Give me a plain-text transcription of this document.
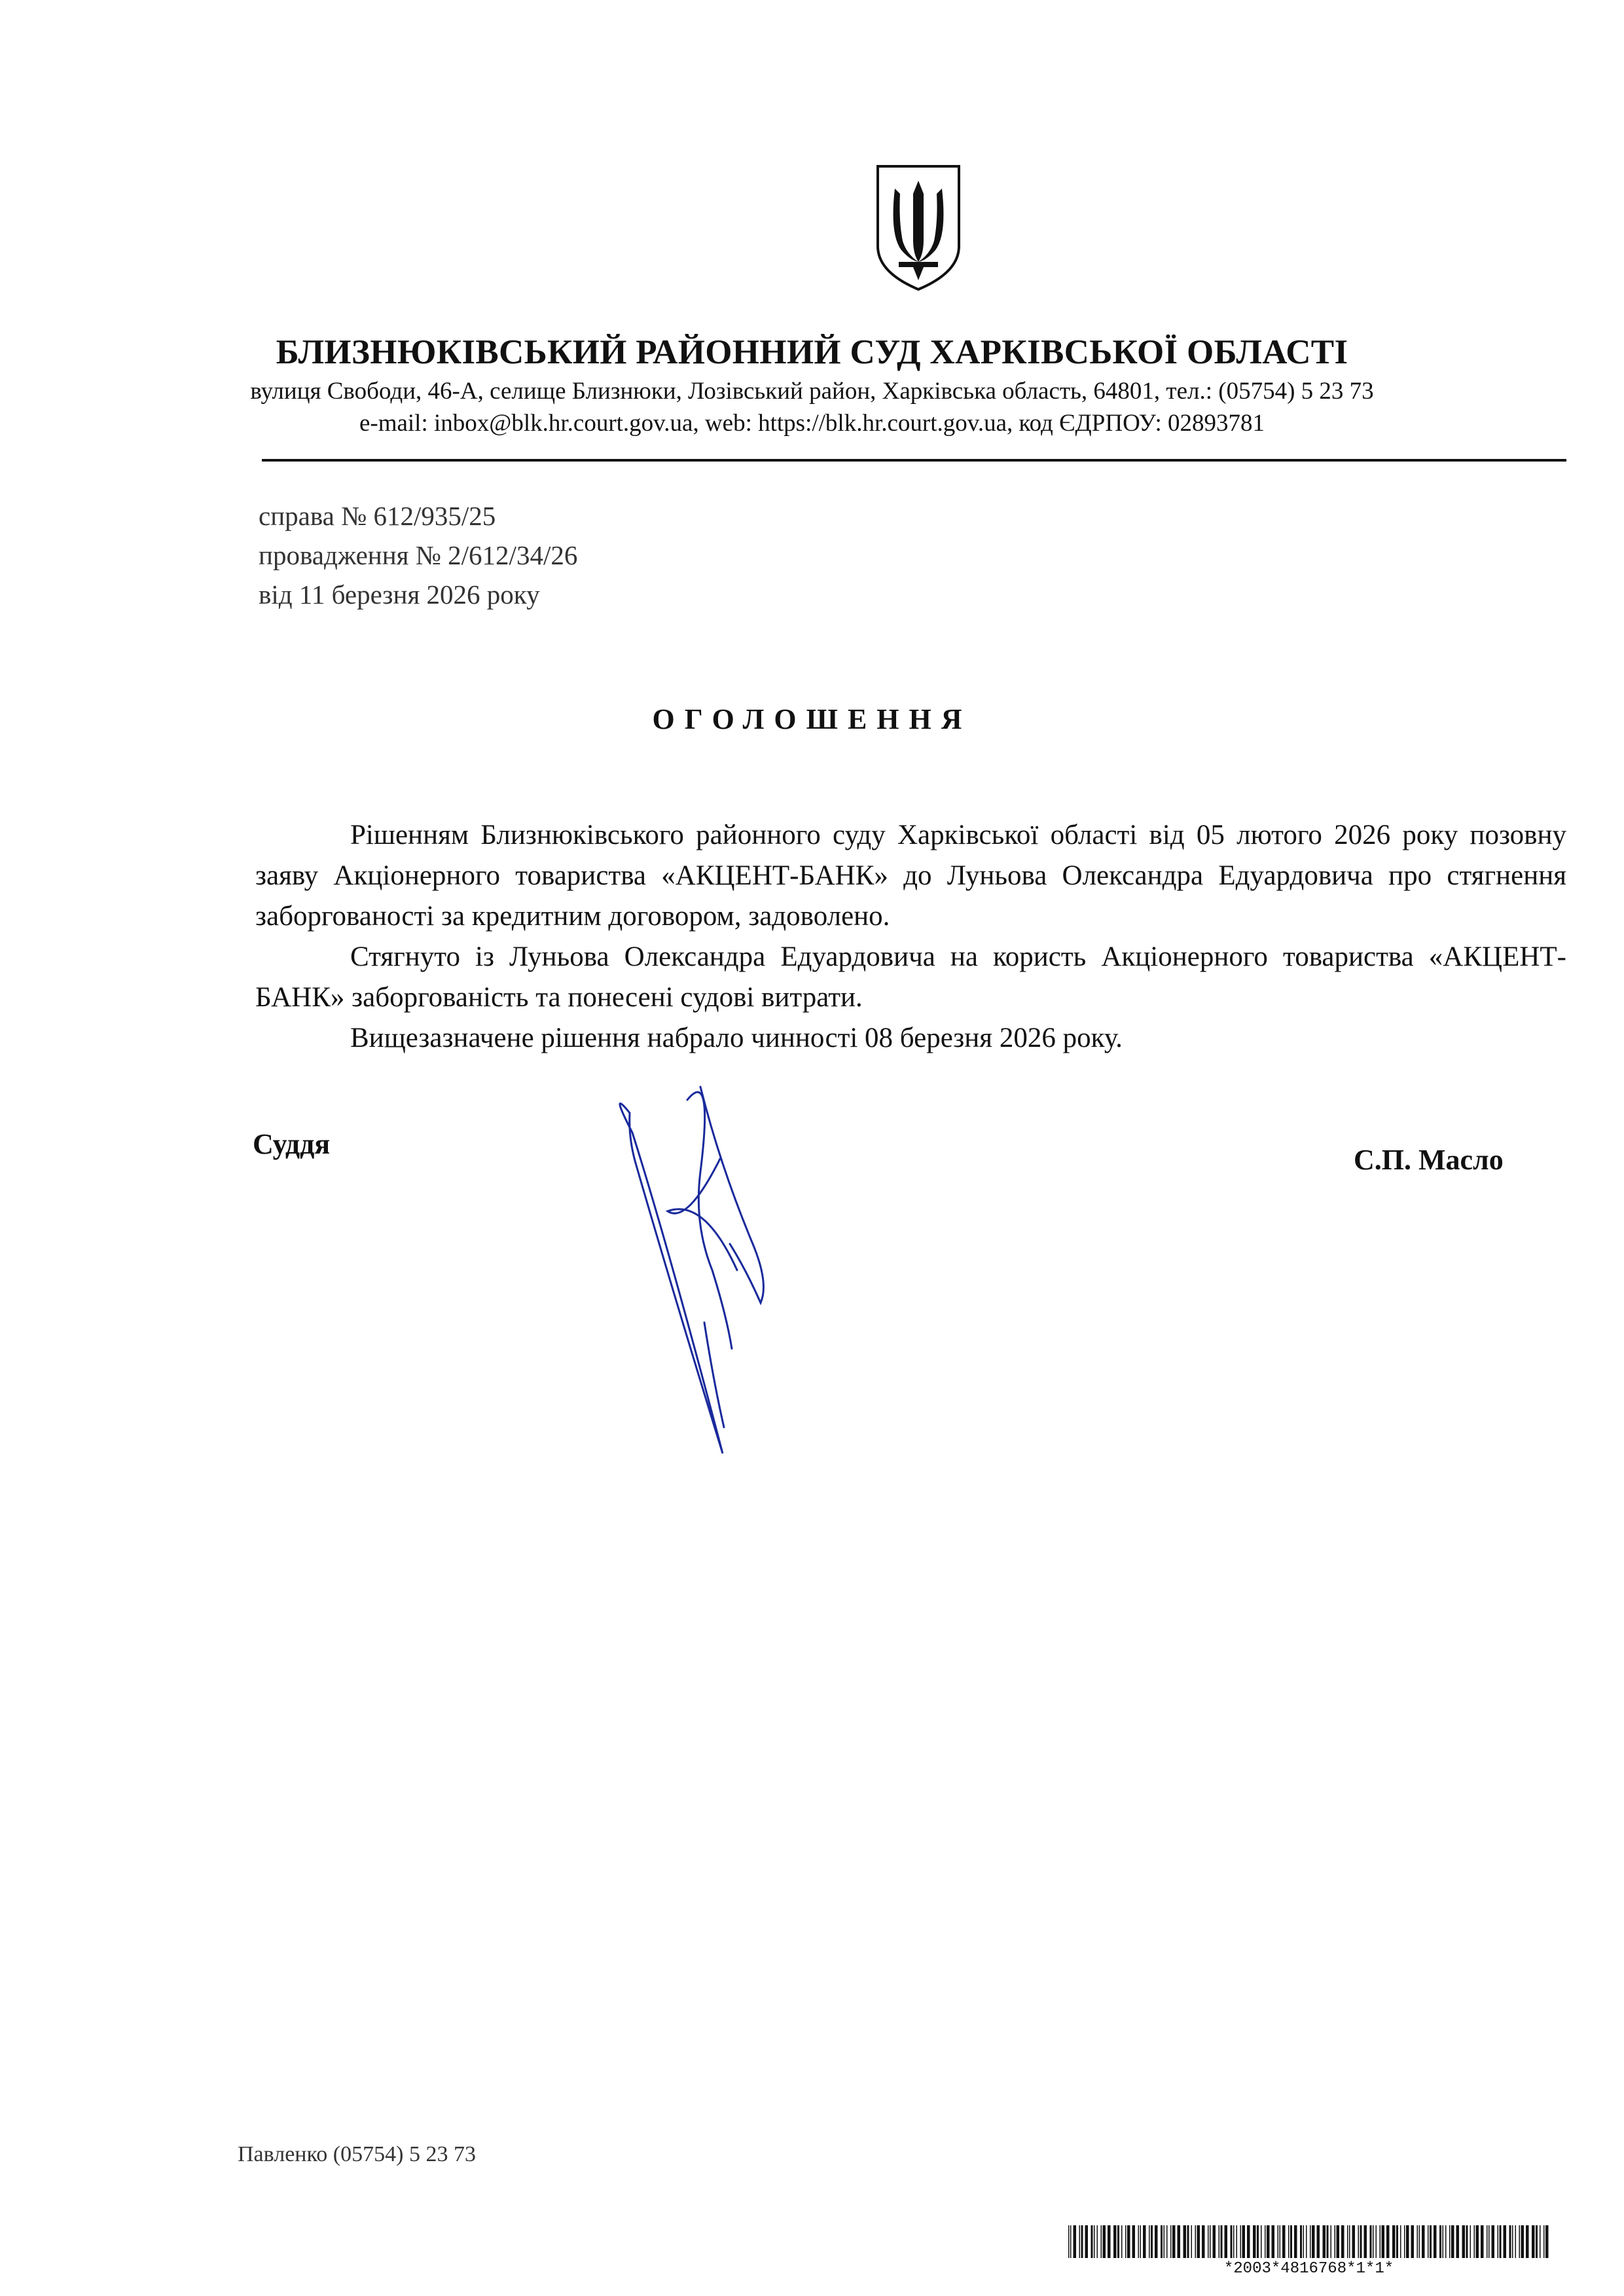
БЛИЗНЮКІВСЬКИЙ РАЙОННИЙ СУД ХАРКІВСЬКОЇ ОБЛАСТІ
вулиця Свободи, 46-А, селище Близнюки, Лозівський район, Харківська область, 64801, тел.: (05754) 5 23 73
e-mail: inbox@blk.hr.court.gov.ua, web: https://blk.hr.court.gov.ua, код ЄДРПОУ: 02893781
справа № 612/935/25
провадження № 2/612/34/26
від 11 березня 2026 року
ОГОЛОШЕННЯ

Рішенням Близнюківського районного суду Харківської області від 05 лютого 2026 року позовну заяву Акціонерного товариства «АКЦЕНТ-БАНК» до Луньова Олександра Едуардовича про стягнення заборгованості за кредитним договором, задоволено.

Стягнуто із Луньова Олександра Едуардовича на користь Акціонерного товариства «АКЦЕНТ-БАНК» заборгованість та понесені судові витрати.

Вищезазначене рішення набрало чинності 08 березня 2026 року.

Суддя	С.П. Масло
Павленко (05754) 5 23 73
*2003*4816768*1*1*
